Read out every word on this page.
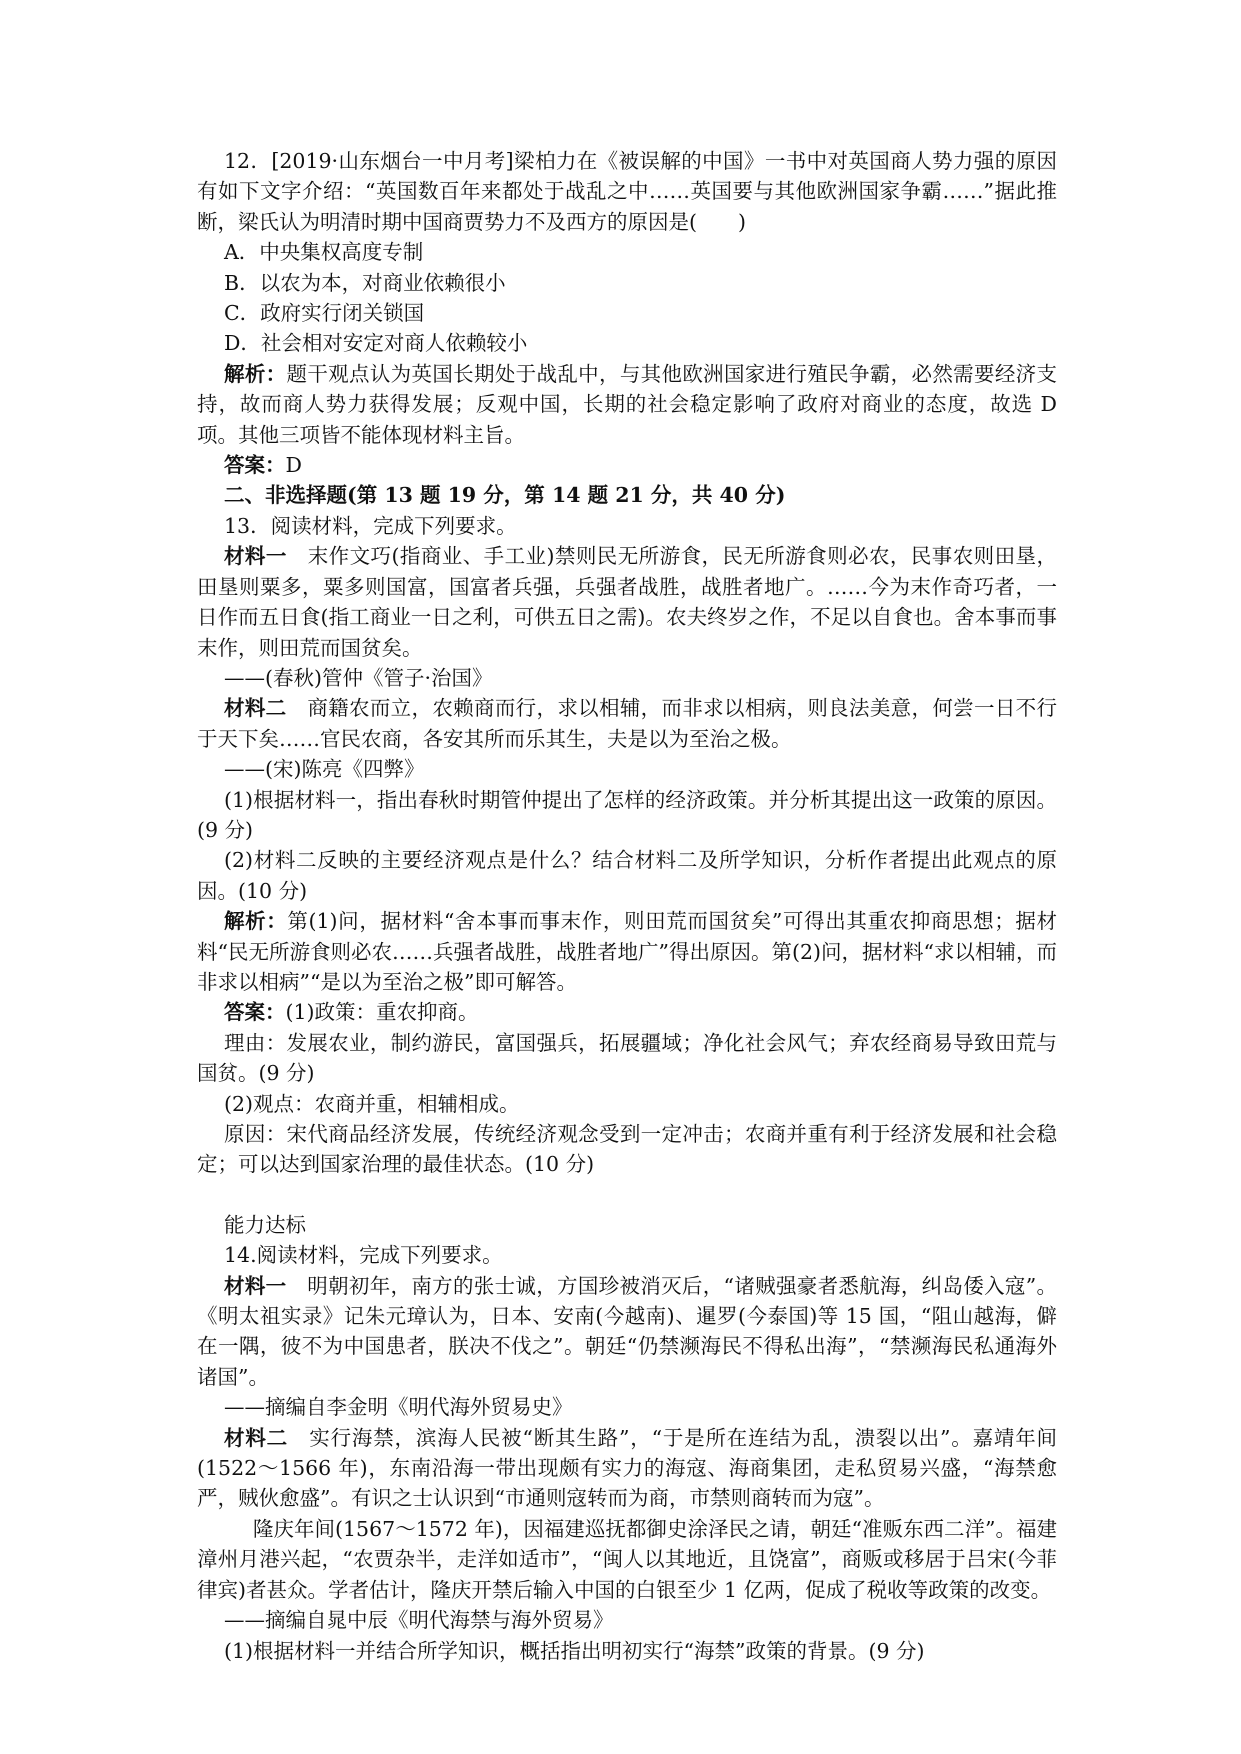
12．[2019·山东烟台一中月考]梁柏力在《被误解的中国》一书中对英国商人势力强的原因有如下文字介绍：“英国数百年来都处于战乱之中……英国要与其他欧洲国家争霸……”据此推断，梁氏认为明清时期中国商贾势力不及西方的原因是(　　)

A．中央集权高度专制

B．以农为本，对商业依赖很小

C．政府实行闭关锁国

D．社会相对安定对商人依赖较小

解析：题干观点认为英国长期处于战乱中，与其他欧洲国家进行殖民争霸，必然需要经济支持，故而商人势力获得发展；反观中国，长期的社会稳定影响了政府对商业的态度，故选 D 项。其他三项皆不能体现材料主旨。

答案：D

二、非选择题(第 13 题 19 分，第 14 题 21 分，共 40 分)

13．阅读材料，完成下列要求。

材料一　末作文巧(指商业、手工业)禁则民无所游食，民无所游食则必农，民事农则田垦，田垦则粟多，粟多则国富，国富者兵强，兵强者战胜，战胜者地广。……今为末作奇巧者，一日作而五日食(指工商业一日之利，可供五日之需)。农夫终岁之作，不足以自食也。舍本事而事末作，则田荒而国贫矣。

——(春秋)管仲《管子·治国》

材料二　商籍农而立，农赖商而行，求以相辅，而非求以相病，则良法美意，何尝一日不行于天下矣……官民农商，各安其所而乐其生，夫是以为至治之极。

——(宋)陈亮《四弊》

(1)根据材料一，指出春秋时期管仲提出了怎样的经济政策。并分析其提出这一政策的原因。(9 分)

(2)材料二反映的主要经济观点是什么？结合材料二及所学知识，分析作者提出此观点的原因。(10 分)

解析：第(1)问，据材料“舍本事而事末作，则田荒而国贫矣”可得出其重农抑商思想；据材料“民无所游食则必农……兵强者战胜，战胜者地广”得出原因。第(2)问，据材料“求以相辅，而非求以相病”“是以为至治之极”即可解答。

答案：(1)政策：重农抑商。

理由：发展农业，制约游民，富国强兵，拓展疆域；净化社会风气；弃农经商易导致田荒与国贫。(9 分)

(2)观点：农商并重，相辅相成。

原因：宋代商品经济发展，传统经济观念受到一定冲击；农商并重有利于经济发展和社会稳定；可以达到国家治理的最佳状态。(10 分)

能力达标

14.阅读材料，完成下列要求。

材料一　明朝初年，南方的张士诚，方国珍被消灭后，“诸贼强豪者悉航海，纠岛倭入寇”。《明太祖实录》记朱元璋认为，日本、安南(今越南)、暹罗(今泰国)等 15 国，“阻山越海，僻在一隅，彼不为中国患者，朕决不伐之”。朝廷“仍禁濒海民不得私出海”，“禁濒海民私通海外诸国”。

——摘编自李金明《明代海外贸易史》

材料二　实行海禁，滨海人民被“断其生路”，“于是所在连结为乱，溃裂以出”。嘉靖年间(1522～1566 年)，东南沿海一带出现颇有实力的海寇、海商集团，走私贸易兴盛，“海禁愈严，贼伙愈盛”。有识之士认识到“市通则寇转而为商，市禁则商转而为寇”。

隆庆年间(1567～1572 年)，因福建巡抚都御史涂泽民之请，朝廷“准贩东西二洋”。福建漳州月港兴起，“农贾杂半，走洋如适市”，“闽人以其地近，且饶富”，商贩或移居于吕宋(今菲律宾)者甚众。学者估计，隆庆开禁后输入中国的白银至少 1 亿两，促成了税收等政策的改变。

——摘编自晁中辰《明代海禁与海外贸易》

(1)根据材料一并结合所学知识，概括指出明初实行“海禁”政策的背景。(9 分)
